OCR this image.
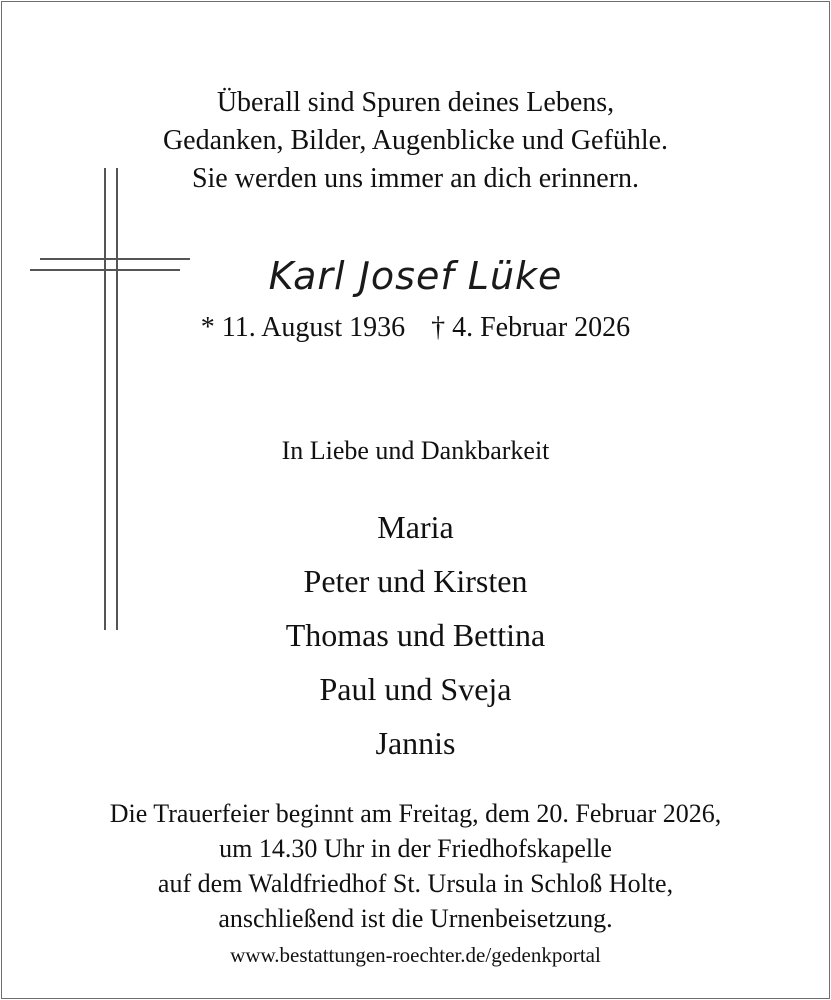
Überall sind Spuren deines Lebens,
Gedanken, Bilder, Augenblicke und Gefühle.
Sie werden uns immer an dich erinnern.
Karl Josef Lüke
* 11. August 1936 † 4. Februar 2026
In Liebe und Dankbarkeit
Maria
Peter und Kirsten
Thomas und Bettina
Paul und Sveja
Jannis
Die Trauerfeier beginnt am Freitag, dem 20. Februar 2026,
um 14.30 Uhr in der Friedhofskapelle
auf dem Waldfriedhof St. Ursula in Schloß Holte,
anschließend ist die Urnenbeisetzung.
www.bestattungen-roechter.de/gedenkportal
